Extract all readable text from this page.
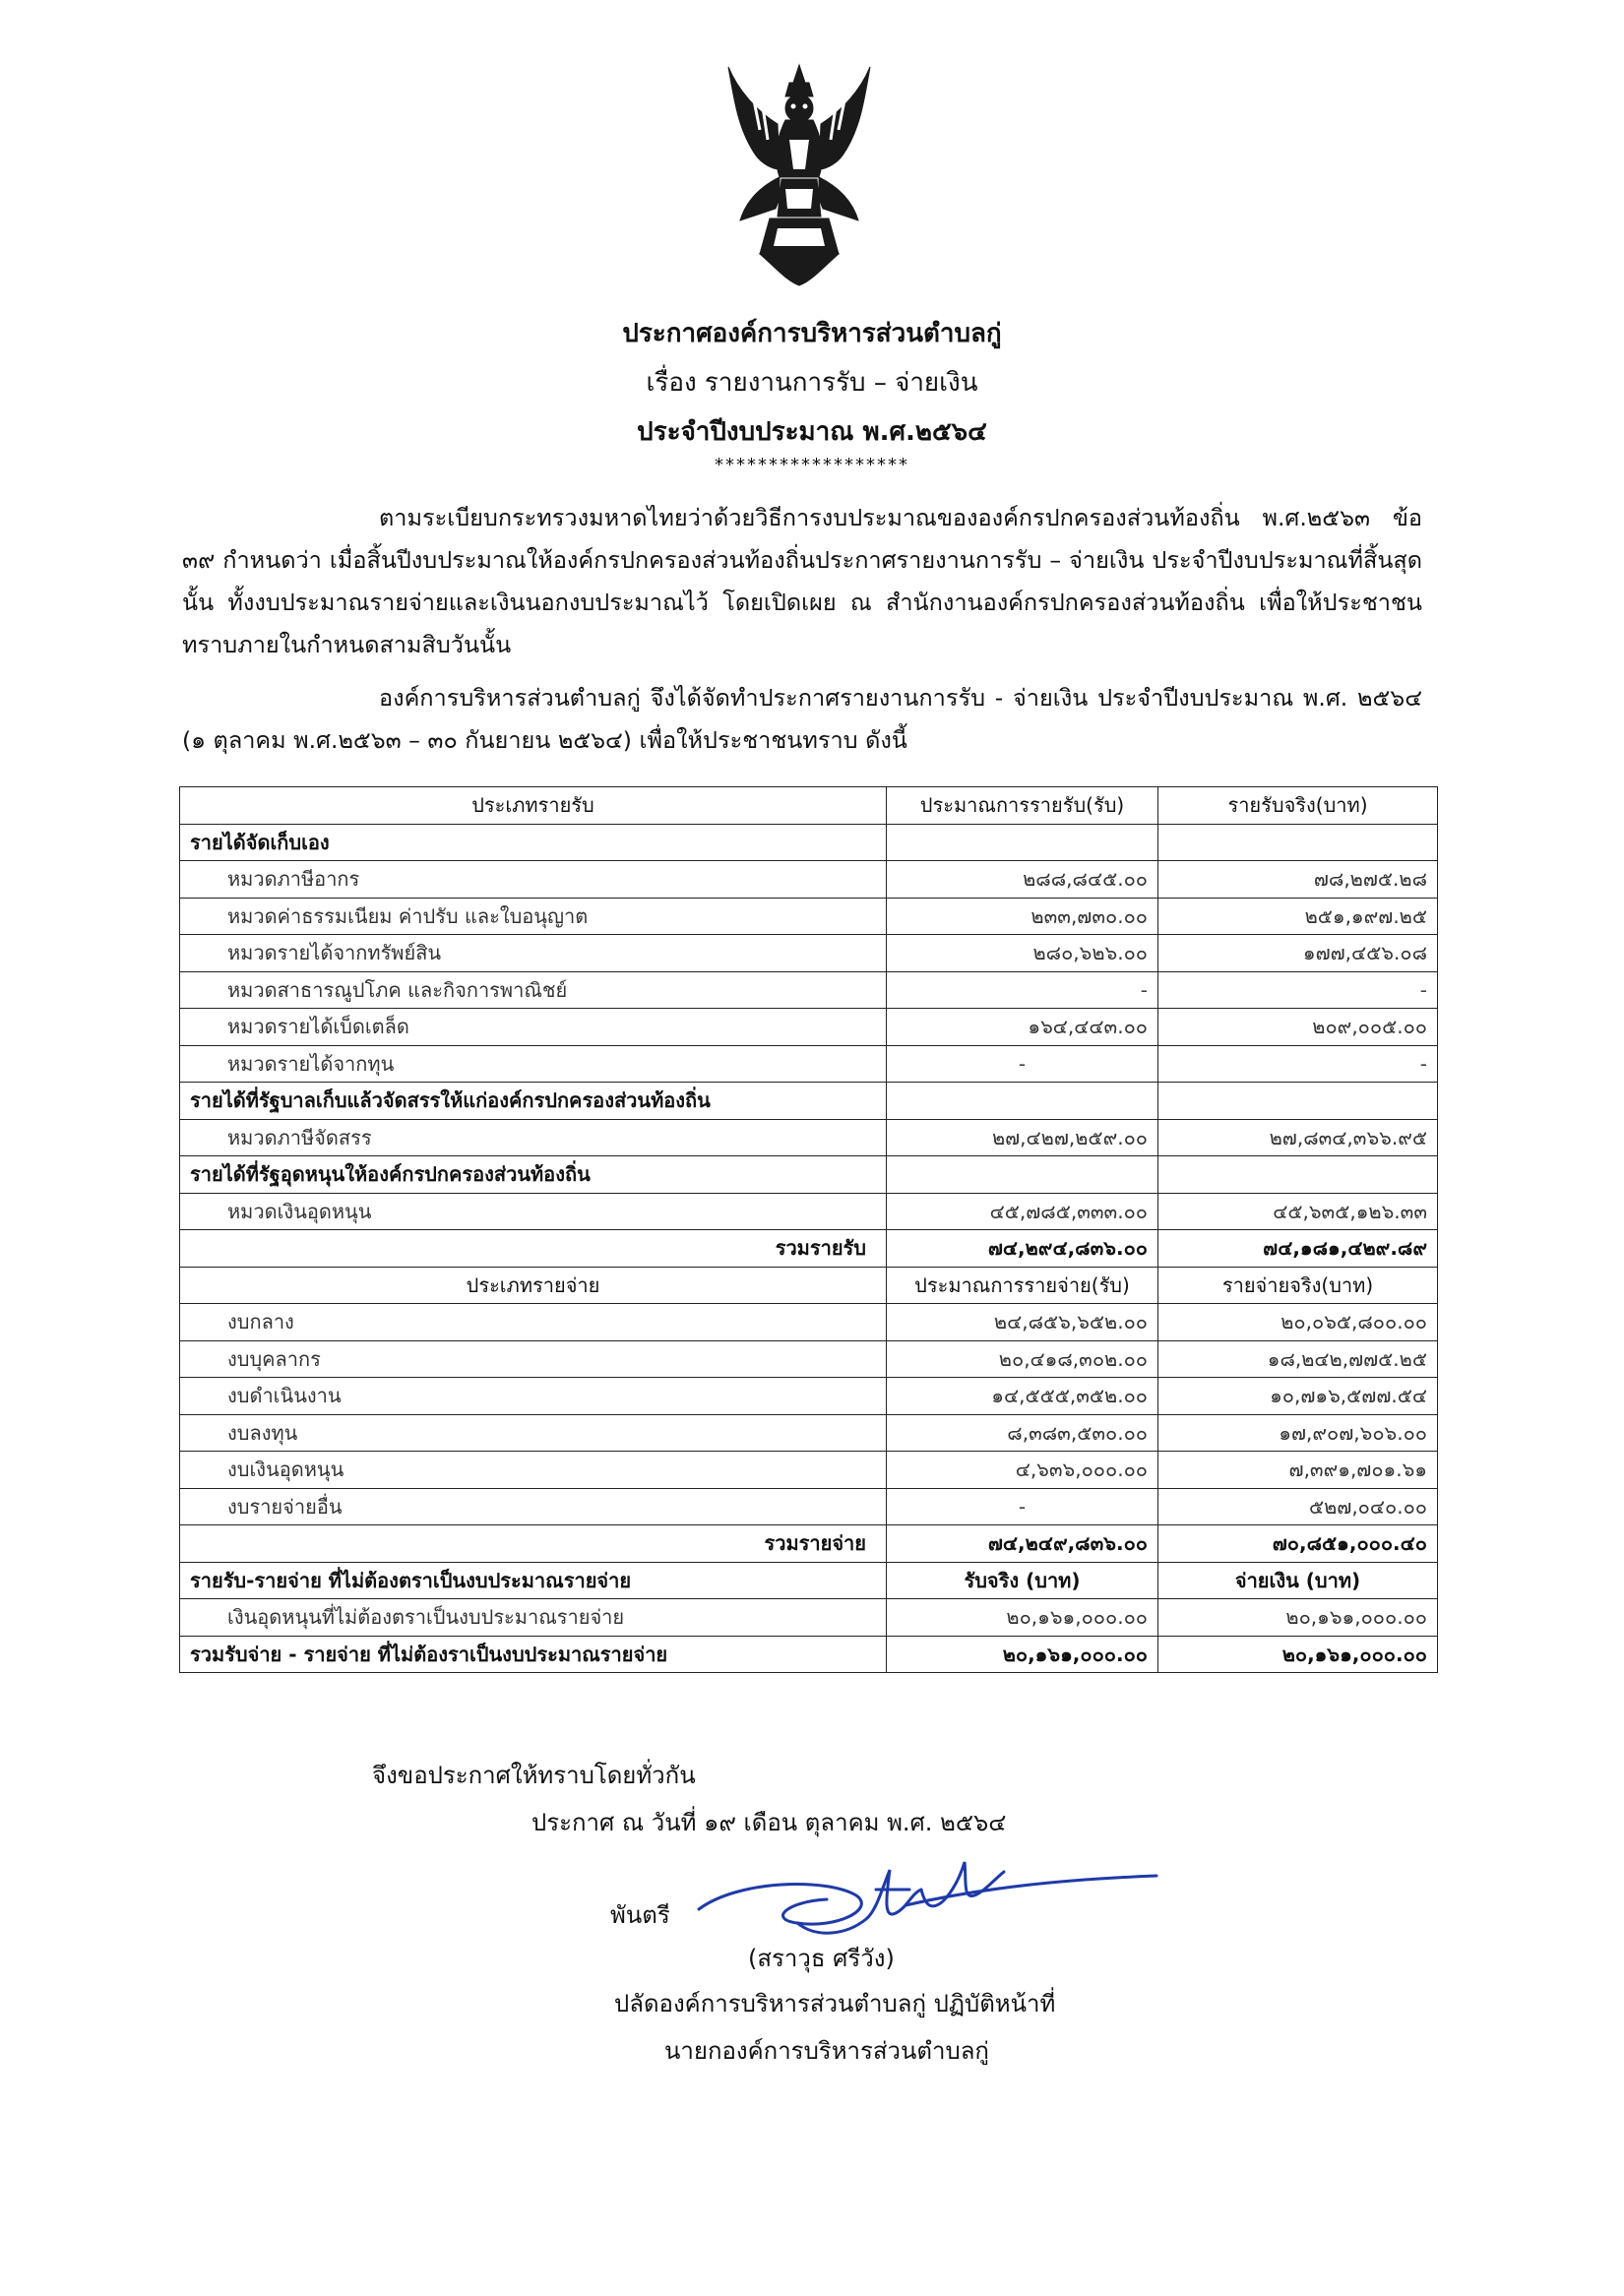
ประกาศองค์การบริหารส่วนตำบลกู่
เรื่อง รายงานการรับ – จ่ายเงิน
ประจำปีงบประมาณ พ.ศ.๒๕๖๔
******************
ตามระเบียบกระทรวงมหาดไทยว่าด้วยวิธีการงบประมาณขององค์กรปกครองส่วนท้องถิ่น พ.ศ.๒๕๖๓ ข้อ ๓๙ กำหนดว่า เมื่อสิ้นปีงบประมาณให้องค์กรปกครองส่วนท้องถิ่นประกาศรายงานการรับ – จ่ายเงิน ประจำปีงบประมาณที่สิ้นสุดนั้น ทั้งงบประมาณรายจ่ายและเงินนอกงบประมาณไว้ โดยเปิดเผย ณ สำนักงานองค์กรปกครองส่วนท้องถิ่น เพื่อให้ประชาชนทราบภายในกำหนดสามสิบวันนั้น
องค์การบริหารส่วนตำบลกู่ จึงได้จัดทำประกาศรายงานการรับ - จ่ายเงิน ประจำปีงบประมาณ พ.ศ. ๒๕๖๔ (๑ ตุลาคม พ.ศ.๒๕๖๓ – ๓๐ กันยายน ๒๕๖๔) เพื่อให้ประชาชนทราบ ดังนี้
ประเภทรายรับ	ประมาณการรายรับ(รับ)	รายรับจริง(บาท)
รายได้จัดเก็บเอง		
หมวดภาษีอากร	๒๘๘,๘๔๕.๐๐	๗๘,๒๗๕.๒๘
หมวดค่าธรรมเนียม ค่าปรับ และใบอนุญาต	๒๓๓,๗๓๐.๐๐	๒๕๑,๑๙๗.๒๕
หมวดรายได้จากทรัพย์สิน	๒๘๐,๖๒๖.๐๐	๑๗๗,๔๕๖.๐๘
หมวดสาธารณูปโภค และกิจการพาณิชย์	-	-
หมวดรายได้เบ็ดเตล็ด	๑๖๔,๔๔๓.๐๐	๒๐๙,๐๐๕.๐๐
หมวดรายได้จากทุน	-	-
รายได้ที่รัฐบาลเก็บแล้วจัดสรรให้แก่องค์กรปกครองส่วนท้องถิ่น		
หมวดภาษีจัดสรร	๒๗,๔๒๗,๒๕๙.๐๐	๒๗,๘๓๔,๓๖๖.๙๕
รายได้ที่รัฐอุดหนุนให้องค์กรปกครองส่วนท้องถิ่น		
หมวดเงินอุดหนุน	๔๕,๗๘๕,๓๓๓.๐๐	๔๕,๖๓๕,๑๒๖.๓๓
รวมรายรับ	๗๔,๒๙๔,๘๓๖.๐๐	๗๔,๑๘๑,๔๒๙.๘๙
ประเภทรายจ่าย	ประมาณการรายจ่าย(รับ)	รายจ่ายจริง(บาท)
งบกลาง	๒๔,๘๕๖,๖๕๒.๐๐	๒๐,๐๖๕,๘๐๐.๐๐
งบบุคลากร	๒๐,๔๑๘,๓๐๒.๐๐	๑๘,๒๔๒,๗๗๕.๒๕
งบดำเนินงาน	๑๔,๕๕๕,๓๕๒.๐๐	๑๐,๗๑๖,๕๗๗.๕๔
งบลงทุน	๘,๓๘๓,๕๓๐.๐๐	๑๗,๙๐๗,๖๐๖.๐๐
งบเงินอุดหนุน	๔,๖๓๖,๐๐๐.๐๐	๗,๓๙๑,๗๐๑.๖๑
งบรายจ่ายอื่น	-	๕๒๗,๐๔๐.๐๐
รวมรายจ่าย	๗๔,๒๔๙,๘๓๖.๐๐	๗๐,๘๕๑,๐๐๐.๔๐
รายรับ-รายจ่าย ที่ไม่ต้องตราเป็นงบประมาณรายจ่าย	รับจริง (บาท)	จ่ายเงิน (บาท)
เงินอุดหนุนที่ไม่ต้องตราเป็นงบประมาณรายจ่าย	๒๐,๑๖๑,๐๐๐.๐๐	๒๐,๑๖๑,๐๐๐.๐๐
รวมรับจ่าย - รายจ่าย ที่ไม่ต้องราเป็นงบประมาณรายจ่าย	๒๐,๑๖๑,๐๐๐.๐๐	๒๐,๑๖๑,๐๐๐.๐๐
จึงขอประกาศให้ทราบโดยทั่วกัน
ประกาศ ณ วันที่ ๑๙ เดือน ตุลาคม พ.ศ. ๒๕๖๔
พันตรี
(สราวุธ ศรีวัง)
ปลัดองค์การบริหารส่วนตำบลกู่ ปฏิบัติหน้าที่
นายกองค์การบริหารส่วนตำบลกู่
